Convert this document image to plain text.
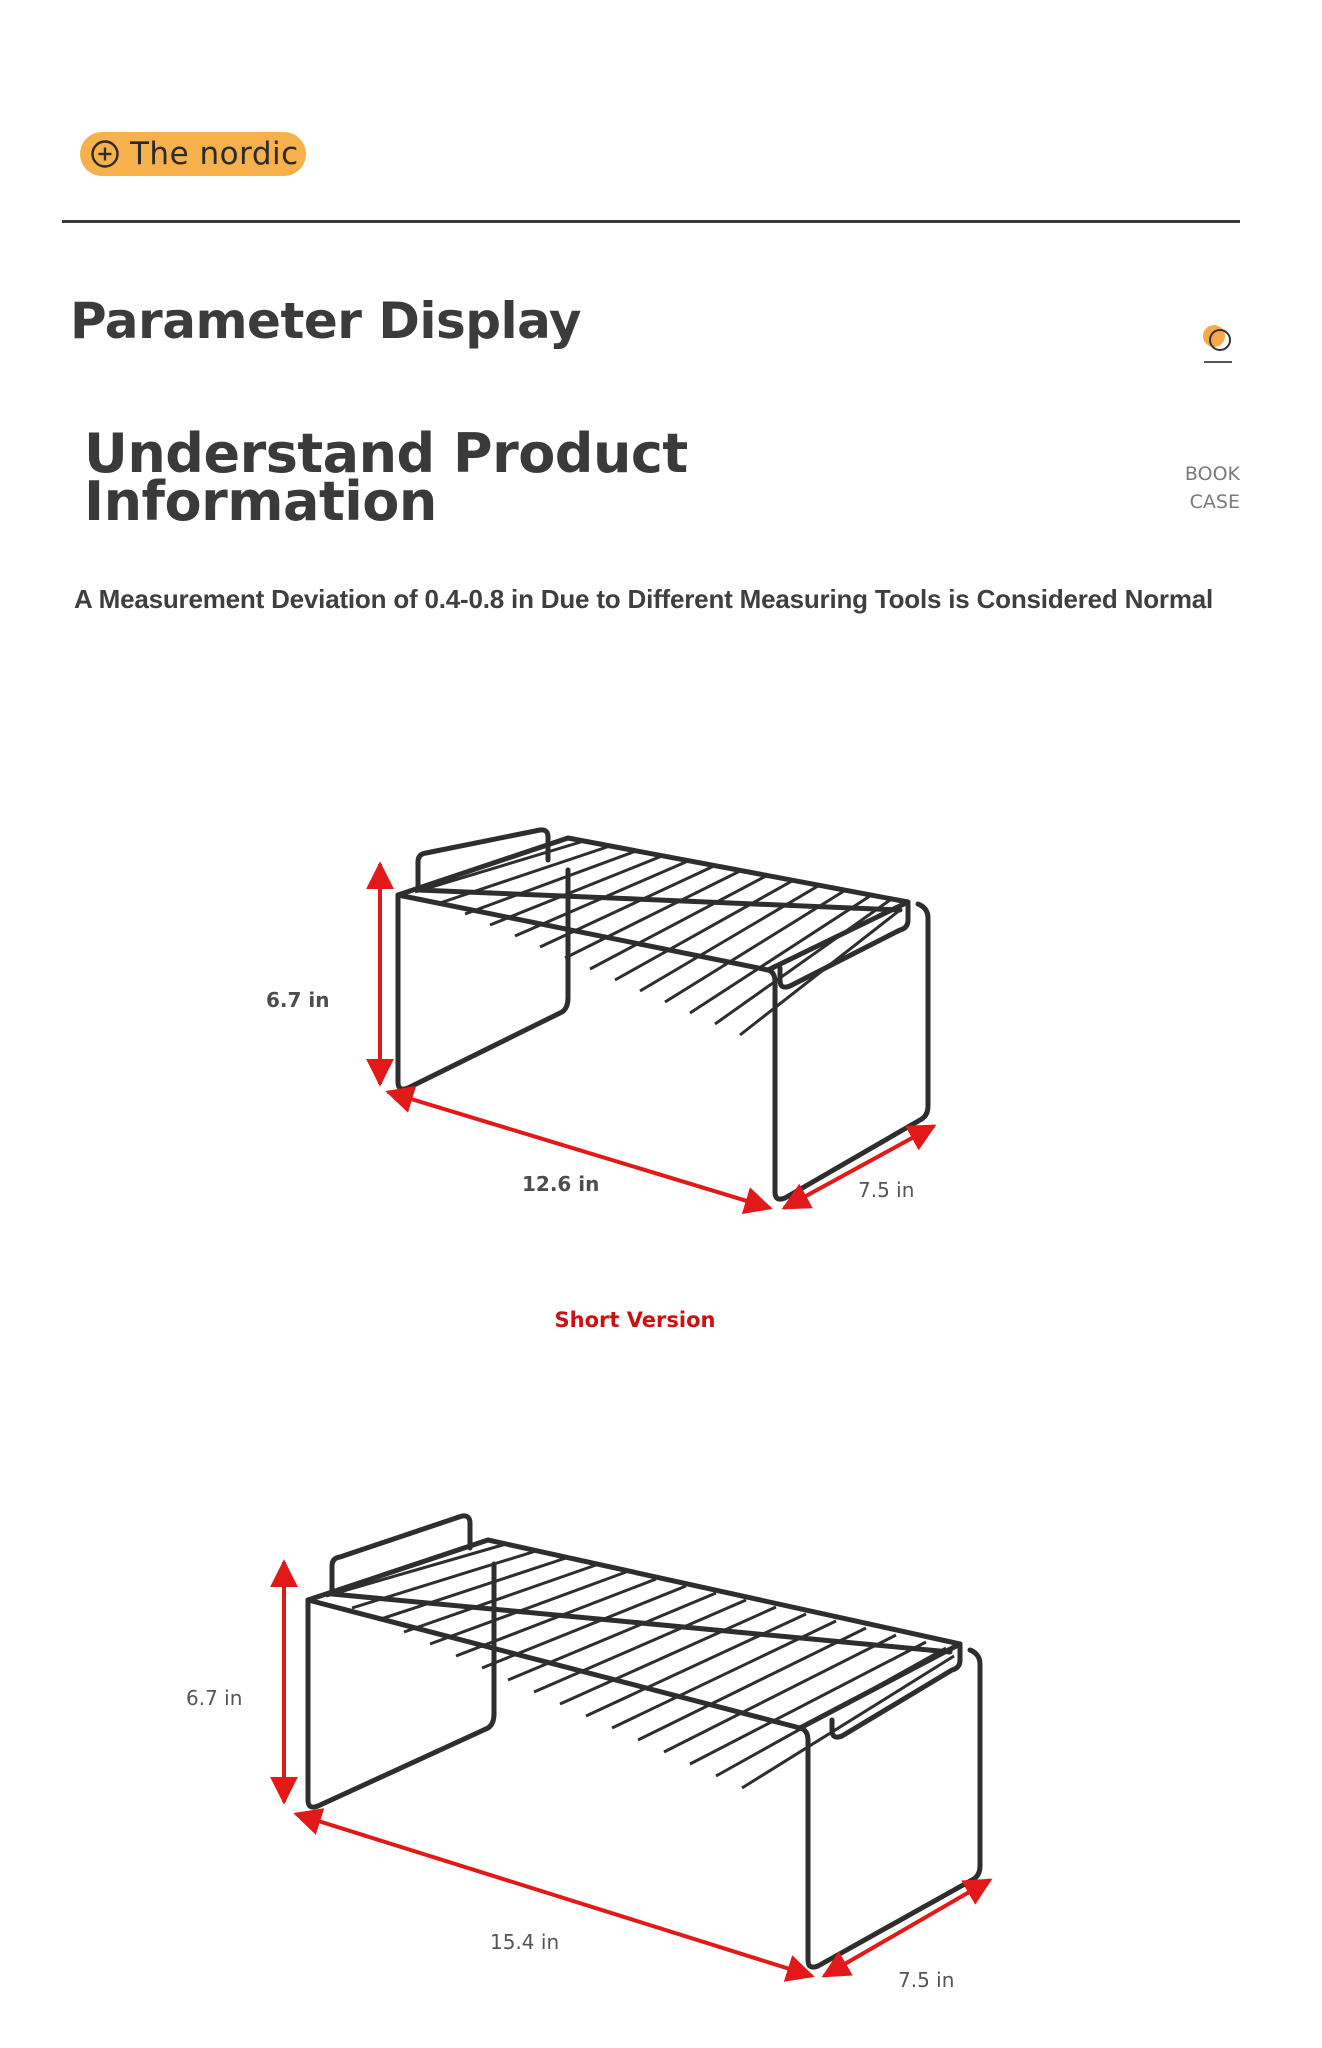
The nordic
Parameter Display
Understand Product
Information	BOOK
CASE
A Measurement Deviation of 0.4-0.8 in Due to Different Measuring Tools is Considered Normal
6.7 in
12.6 in	7.5 in
Short Version
6.7 in
15.4 in
7.5 in
